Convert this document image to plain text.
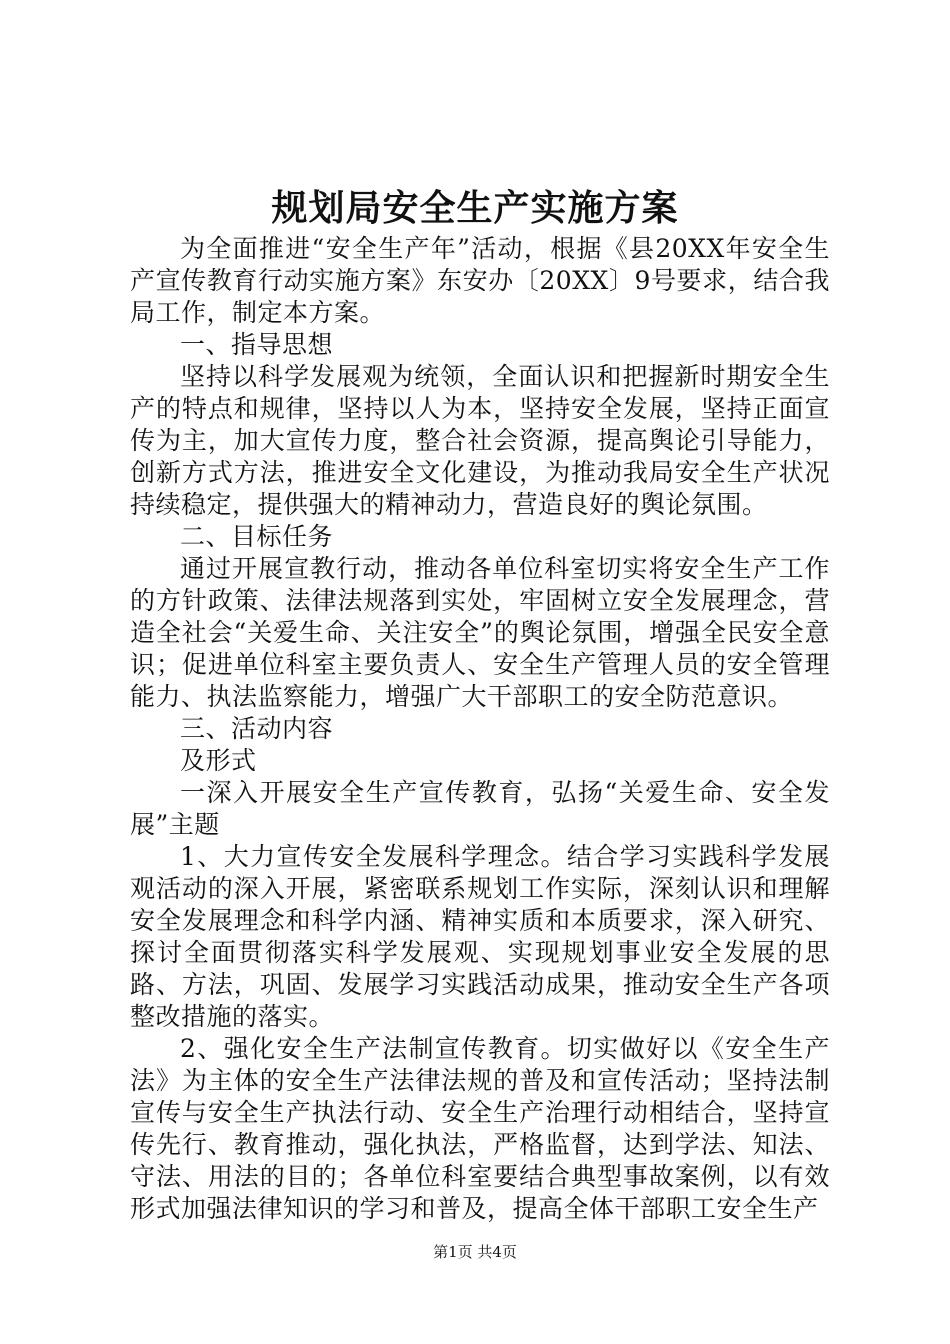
规划局安全生产实施方案

为全面推进“安全生产年”活动，根据《县20XX年安全生产宣传教育行动实施方案》东安办〔20XX〕9号要求，结合我局工作，制定本方案。

一、指导思想

坚持以科学发展观为统领，全面认识和把握新时期安全生产的特点和规律，坚持以人为本，坚持安全发展，坚持正面宣传为主，加大宣传力度，整合社会资源，提高舆论引导能力，创新方式方法，推进安全文化建设，为推动我局安全生产状况持续稳定，提供强大的精神动力，营造良好的舆论氛围。

二、目标任务

通过开展宣教行动，推动各单位科室切实将安全生产工作的方针政策、法律法规落到实处，牢固树立安全发展理念，营造全社会“关爱生命、关注安全”的舆论氛围，增强全民安全意识；促进单位科室主要负责人、安全生产管理人员的安全管理能力、执法监察能力，增强广大干部职工的安全防范意识。

三、活动内容

及形式

一深入开展安全生产宣传教育，弘扬“关爱生命、安全发展”主题

1、大力宣传安全发展科学理念。结合学习实践科学发展观活动的深入开展，紧密联系规划工作实际，深刻认识和理解安全发展理念和科学内涵、精神实质和本质要求，深入研究、探讨全面贯彻落实科学发展观、实现规划事业安全发展的思路、方法，巩固、发展学习实践活动成果，推动安全生产各项整改措施的落实。

2、强化安全生产法制宣传教育。切实做好以《安全生产法》为主体的安全生产法律法规的普及和宣传活动；坚持法制宣传与安全生产执法行动、安全生产治理行动相结合，坚持宣传先行、教育推动，强化执法，严格监督，达到学法、知法、守法、用法的目的；各单位科室要结合典型事故案例，以有效形式加强法律知识的学习和普及，提高全体干部职工安全生产

第1页 共4页
